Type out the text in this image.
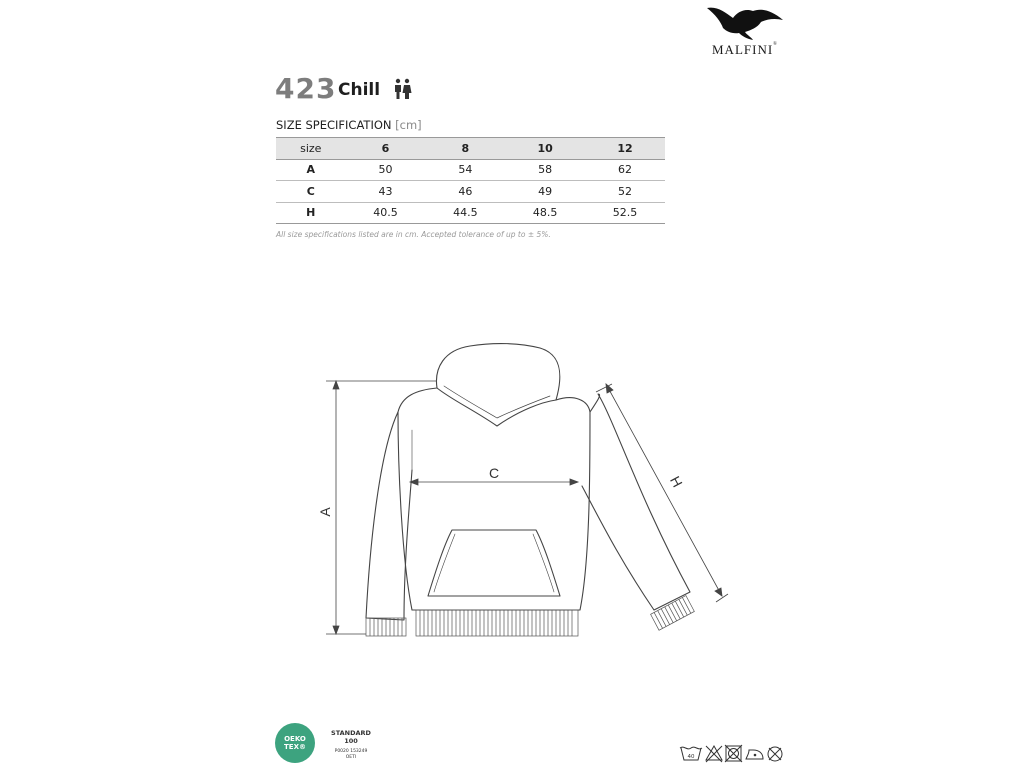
MALFINI®
423 Chill
SIZE SPECIFICATION [cm]
size	6	8	10	12
A	50	54	58	62
C	43	46	49	52
H	40.5	44.5	48.5	52.5
All size specifications listed are in cm. Accepted tolerance of up to ± 5%.
A
C
H
OEKO
TEX®
STANDARD
100
P0020 153249
OETI	40
